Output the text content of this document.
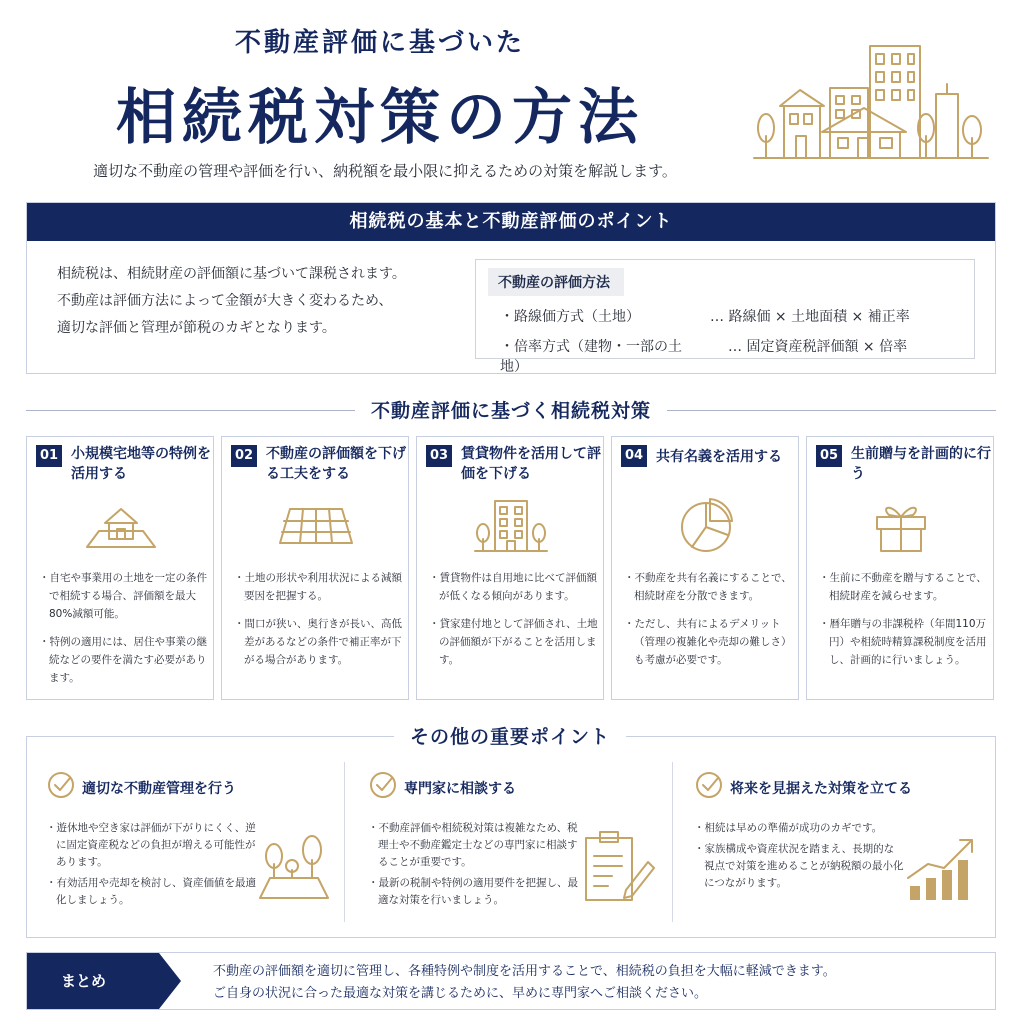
不動産評価に基づいた
相続税対策の方法
適切な不動産の管理や評価を行い、納税額を最小限に抑えるための対策を解説します。
相続税の基本と不動産評価のポイント
相続税は、相続財産の評価額に基づいて課税されます。
不動産は評価方法によって金額が大きく変わるため、
適切な評価と管理が節税のカギとなります。
不動産の評価方法
・路線価方式（土地）	… 路線価 × 土地面積 × 補正率
・倍率方式（建物・一部の土地）
… 固定資産税評価額 × 倍率
不動産評価に基づく相続税対策
01 小規模宅地等の特例を活用する

・自宅や事業用の土地を一定の条件で相続する場合、評価額を最大80%減額可能。

・特例の適用には、居住や事業の継続などの要件を満たす必要があります。

02 不動産の評価額を下げる工夫をする

・土地の形状や利用状況による減額要因を把握する。

・間口が狭い、奥行きが長い、高低差があるなどの条件で補正率が下がる場合があります。

03 賃貸物件を活用して評価を下げる

・賃貸物件は自用地に比べて評価額が低くなる傾向があります。

・貸家建付地として評価され、土地の評価額が下がることを活用します。

04 共有名義を活用する

・不動産を共有名義にすることで、相続財産を分散できます。

・ただし、共有によるデメリット（管理の複雑化や売却の難しさ）も考慮が必要です。

05 生前贈与を計画的に行う

・生前に不動産を贈与することで、相続財産を減らせます。

・暦年贈与の非課税枠（年間110万円）や相続時精算課税制度を活用し、計画的に行いましょう。

その他の重要ポイント
適切な不動産管理を行う

・遊休地や空き家は評価が下がりにくく、逆に固定資産税などの負担が増える可能性があります。

・有効活用や売却を検討し、資産価値を最適化しましょう。

専門家に相談する

・不動産評価や相続税対策は複雑なため、税理士や不動産鑑定士などの専門家に相談することが重要です。

・最新の税制や特例の適用要件を把握し、最適な対策を行いましょう。

将来を見据えた対策を立てる

・相続は早めの準備が成功のカギです。

・家族構成や資産状況を踏まえ、長期的な視点で対策を進めることが納税額の最小化につながります。

まとめ
不動産の評価額を適切に管理し、各種特例や制度を活用することで、相続税の負担を大幅に軽減できます。
ご自身の状況に合った最適な対策を講じるために、早めに専門家へご相談ください。
